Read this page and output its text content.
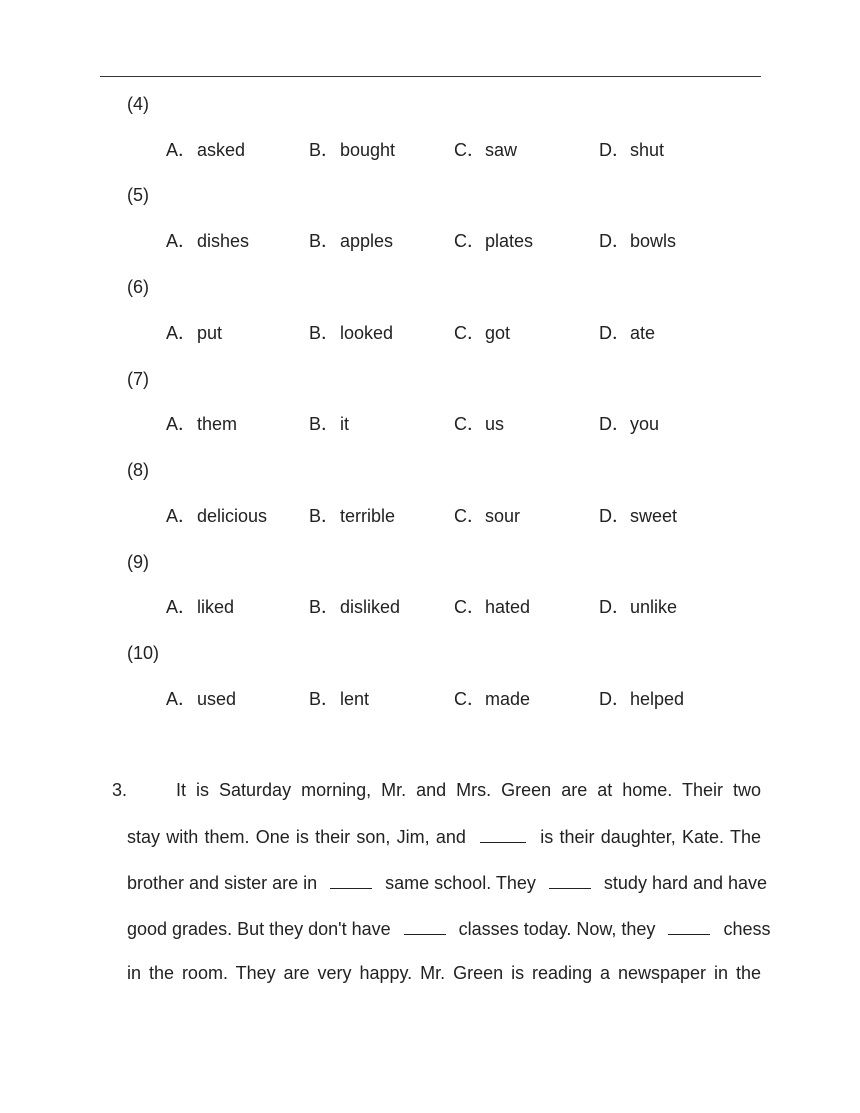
(4)
A．asked	B．bought	C．saw	D．shut
(5)
A．dishes	B．apples	C．plates	D．bowls
(6)
A．put	B．looked	C．got	D．ate
(7)
A．them	B．it	C．us	D．you
(8)
A．delicious B．terrible	C．sour	D．sweet
(9)
A．liked	B．disliked	C．hated	D．unlike
(10)
A．used	B．lent	C．made	D．helped
3.	It is Saturday morning, Mr. and Mrs. Green are at home. Their two
stay with them. One is their son, Jim, and	is their daughter, Kate. The
brother and sister are in	same school. They	study hard and have
good grades. But they don't have	classes today. Now, they	chess
in the room. They are very happy. Mr. Green is reading a newspaper in the
